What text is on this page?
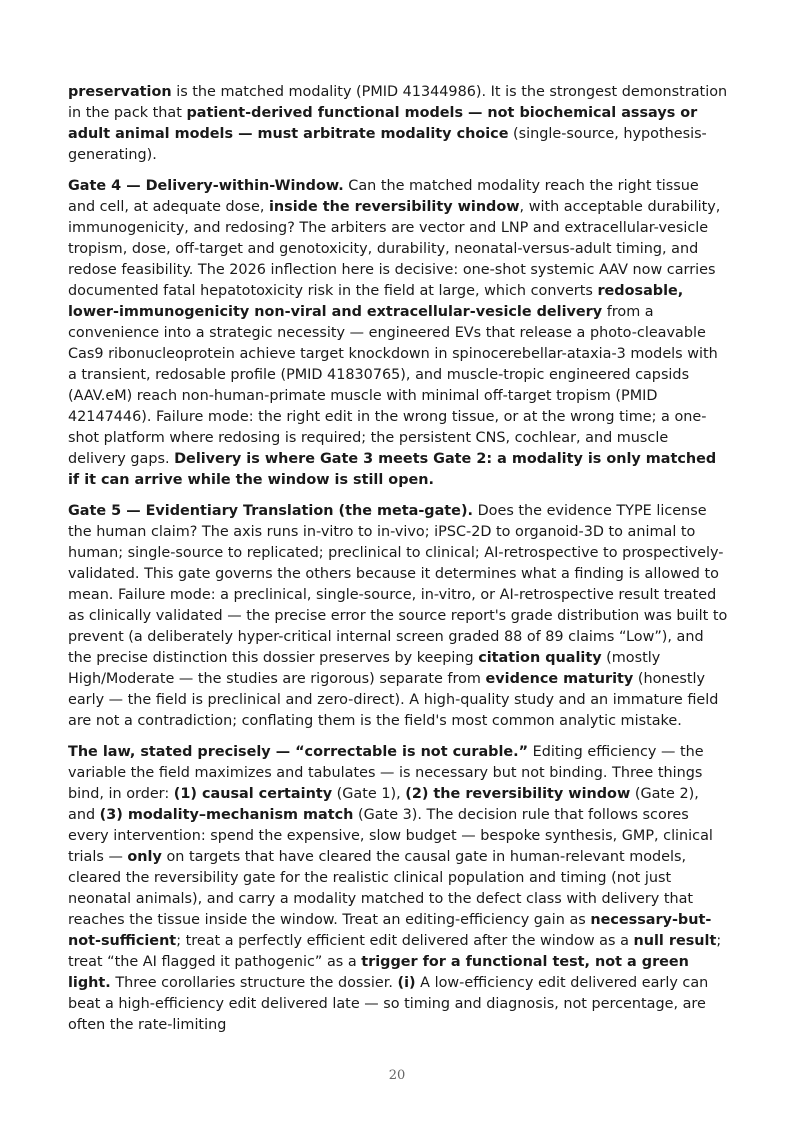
preservation is the matched modality (PMID 41344986). It is the strongest demonstration in the pack that patient-derived functional models — not biochemical assays or adult animal models — must arbitrate modality choice (single-source, hypothesis-generating).

Gate 4 — Delivery-within-Window. Can the matched modality reach the right tissue and cell, at adequate dose, inside the reversibility window, with acceptable durability, immunogenicity, and redosing? The arbiters are vector and LNP and extracellular-vesicle tropism, dose, off-target and genotoxicity, durability, neonatal-versus-adult timing, and redose feasibility. The 2026 inflection here is decisive: one-shot systemic AAV now carries documented fatal hepatotoxicity risk in the field at large, which converts redosable, lower-immunogenicity non-viral and extracellular-vesicle delivery from a convenience into a strategic necessity — engineered EVs that release a photo-cleavable Cas9 ribonucleoprotein achieve target knockdown in spinocerebellar-ataxia-3 models with a transient, redosable profile (PMID 41830765), and muscle-tropic engineered capsids (AAV.eM) reach non-human-primate muscle with minimal off-target tropism (PMID 42147446). Failure mode: the right edit in the wrong tissue, or at the wrong time; a one-shot platform where redosing is required; the persistent CNS, cochlear, and muscle delivery gaps. Delivery is where Gate 3 meets Gate 2: a modality is only matched if it can arrive while the window is still open.

Gate 5 — Evidentiary Translation (the meta-gate). Does the evidence TYPE license the human claim? The axis runs in-vitro to in-vivo; iPSC-2D to organoid-3D to animal to human; single-source to replicated; preclinical to clinical; AI-retrospective to prospectively-validated. This gate governs the others because it determines what a finding is allowed to mean. Failure mode: a preclinical, single-source, in-vitro, or AI-retrospective result treated as clinically validated — the precise error the source report's grade distribution was built to prevent (a deliberately hyper-critical internal screen graded 88 of 89 claims “Low”), and the precise distinction this dossier preserves by keeping citation quality (mostly High/Moderate — the studies are rigorous) separate from evidence maturity (honestly early — the field is preclinical and zero-direct). A high-quality study and an immature field are not a contradiction; conflating them is the field's most common analytic mistake.

The law, stated precisely — “correctable is not curable.” Editing efficiency — the variable the field maximizes and tabulates — is necessary but not binding. Three things bind, in order: (1) causal certainty (Gate 1), (2) the reversibility window (Gate 2), and (3) modality–mechanism match (Gate 3). The decision rule that follows scores every intervention: spend the expensive, slow budget — bespoke synthesis, GMP, clinical trials — only on targets that have cleared the causal gate in human-relevant models, cleared the reversibility gate for the realistic clinical population and timing (not just neonatal animals), and carry a modality matched to the defect class with delivery that reaches the tissue inside the window. Treat an editing-efficiency gain as necessary-but-not-sufficient; treat a perfectly efficient edit delivered after the window as a null result; treat “the AI flagged it pathogenic” as a trigger for a functional test, not a green light. Three corollaries structure the dossier. (i) A low-efficiency edit delivered early can beat a high-efficiency edit delivered late — so timing and diagnosis, not percentage, are often the rate-limiting

20
